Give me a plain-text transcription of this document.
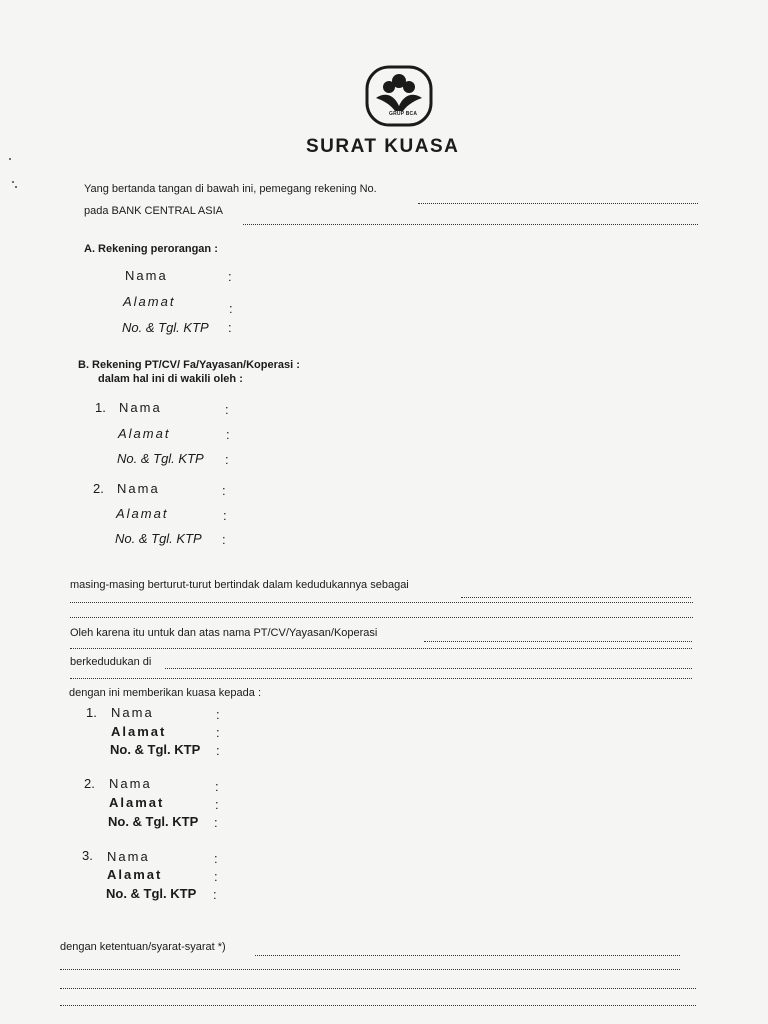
GRUP BCA
SURAT KUASA
Yang bertanda tangan di bawah ini, pemegang rekening No.
pada BANK CENTRAL ASIA
A. Rekening perorangan :
Nama	:
Alamat	:
No. & Tgl. KTP :
B. Rekening PT/CV/ Fa/Yayasan/Koperasi :
dalam hal ini di wakili oleh :
1. Nama	:
Alamat	:
No. & Tgl. KTP :
2. Nama	:
Alamat	:
No. & Tgl. KTP :
masing-masing berturut-turut bertindak dalam kedudukannya sebagai
Oleh karena itu untuk dan atas nama PT/CV/Yayasan/Koperasi
berkedudukan di
dengan ini memberikan kuasa kepada :
1. Nama	:
Alamat	:
No. & Tgl. KTP :
2. Nama	:
Alamat	:
No. & Tgl. KTP :
3. Nama	:
Alamat	:
No. & Tgl. KTP :
dengan ketentuan/syarat-syarat *)
